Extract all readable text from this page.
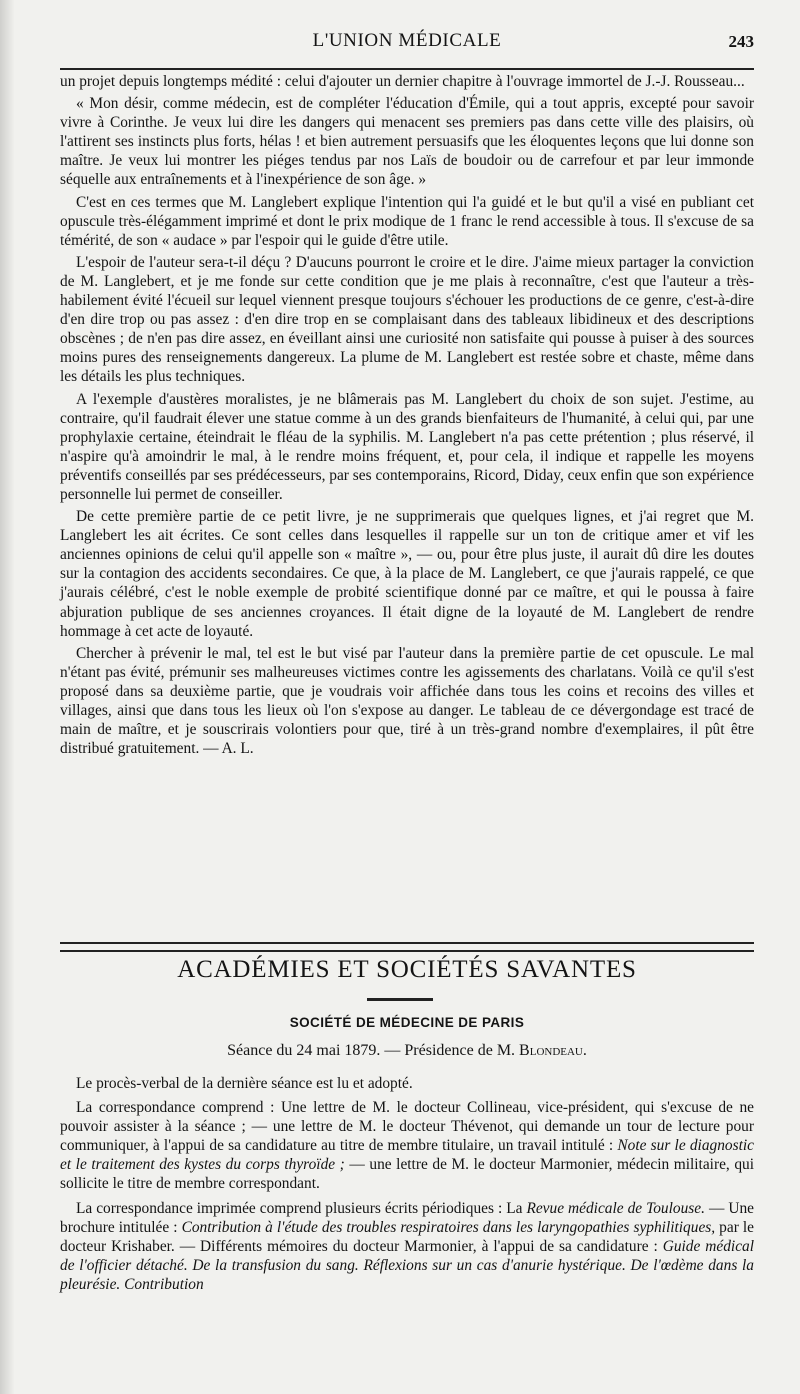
L'UNION MÉDICALE	243

un projet depuis longtemps médité : celui d'ajouter un dernier chapitre à l'ouvrage immortel de J.-J. Rousseau...

« Mon désir, comme médecin, est de compléter l'éducation d'Émile, qui a tout appris, excepté pour savoir vivre à Corinthe. Je veux lui dire les dangers qui menacent ses premiers pas dans cette ville des plaisirs, où l'attirent ses instincts plus forts, hélas ! et bien autrement persuasifs que les éloquentes leçons que lui donne son maître. Je veux lui montrer les piéges tendus par nos Laïs de boudoir ou de carrefour et par leur immonde séquelle aux entraînements et à l'inexpérience de son âge. »

C'est en ces termes que M. Langlebert explique l'intention qui l'a guidé et le but qu'il a visé en publiant cet opuscule très-élégamment imprimé et dont le prix modique de 1 franc le rend accessible à tous. Il s'excuse de sa témérité, de son « audace » par l'espoir qui le guide d'être utile.

L'espoir de l'auteur sera-t-il déçu ? D'aucuns pourront le croire et le dire. J'aime mieux partager la conviction de M. Langlebert, et je me fonde sur cette condition que je me plais à reconnaître, c'est que l'auteur a très-habilement évité l'écueil sur lequel viennent presque toujours s'échouer les productions de ce genre, c'est-à-dire d'en dire trop ou pas assez : d'en dire trop en se complaisant dans des tableaux libidineux et des descriptions obscènes ; de n'en pas dire assez, en éveillant ainsi une curiosité non satisfaite qui pousse à puiser à des sources moins pures des renseignements dangereux. La plume de M. Langlebert est restée sobre et chaste, même dans les détails les plus techniques.

A l'exemple d'austères moralistes, je ne blâmerais pas M. Langlebert du choix de son sujet. J'estime, au contraire, qu'il faudrait élever une statue comme à un des grands bienfaiteurs de l'humanité, à celui qui, par une prophylaxie certaine, éteindrait le fléau de la syphilis. M. Langlebert n'a pas cette prétention ; plus réservé, il n'aspire qu'à amoindrir le mal, à le rendre moins fréquent, et, pour cela, il indique et rappelle les moyens préventifs conseillés par ses prédécesseurs, par ses contemporains, Ricord, Diday, ceux enfin que son expérience personnelle lui permet de conseiller.

De cette première partie de ce petit livre, je ne supprimerais que quelques lignes, et j'ai regret que M. Langlebert les ait écrites. Ce sont celles dans lesquelles il rappelle sur un ton de critique amer et vif les anciennes opinions de celui qu'il appelle son « maître », — ou, pour être plus juste, il aurait dû dire les doutes sur la contagion des accidents secondaires. Ce que, à la place de M. Langlebert, ce que j'aurais rappelé, ce que j'aurais célébré, c'est le noble exemple de probité scientifique donné par ce maître, et qui le poussa à faire abjuration publique de ses anciennes croyances. Il était digne de la loyauté de M. Langlebert de rendre hommage à cet acte de loyauté.

Chercher à prévenir le mal, tel est le but visé par l'auteur dans la première partie de cet opuscule. Le mal n'étant pas évité, prémunir ses malheureuses victimes contre les agissements des charlatans. Voilà ce qu'il s'est proposé dans sa deuxième partie, que je voudrais voir affichée dans tous les coins et recoins des villes et villages, ainsi que dans tous les lieux où l'on s'expose au danger. Le tableau de ce dévergondage est tracé de main de maître, et je souscrirais volontiers pour que, tiré à un très-grand nombre d'exemplaires, il pût être distribué gratuitement. — A. L.

ACADÉMIES ET SOCIÉTÉS SAVANTES
SOCIÉTÉ DE MÉDECINE DE PARIS
Séance du 24 mai 1879. — Présidence de M. Blondeau.

Le procès-verbal de la dernière séance est lu et adopté.

La correspondance comprend : Une lettre de M. le docteur Collineau, vice-président, qui s'excuse de ne pouvoir assister à la séance ; — une lettre de M. le docteur Thévenot, qui demande un tour de lecture pour communiquer, à l'appui de sa candidature au titre de membre titulaire, un travail intitulé : Note sur le diagnostic et le traitement des kystes du corps thyroïde ; — une lettre de M. le docteur Marmonier, médecin militaire, qui sollicite le titre de membre correspondant.

La correspondance imprimée comprend plusieurs écrits périodiques : La Revue médicale de Toulouse. — Une brochure intitulée : Contribution à l'étude des troubles respiratoires dans les laryngopathies syphilitiques, par le docteur Krishaber. — Différents mémoires du docteur Marmonier, à l'appui de sa candidature : Guide médical de l'officier détaché. De la transfusion du sang. Réflexions sur un cas d'anurie hystérique. De l'œdème dans la pleurésie. Contribution
